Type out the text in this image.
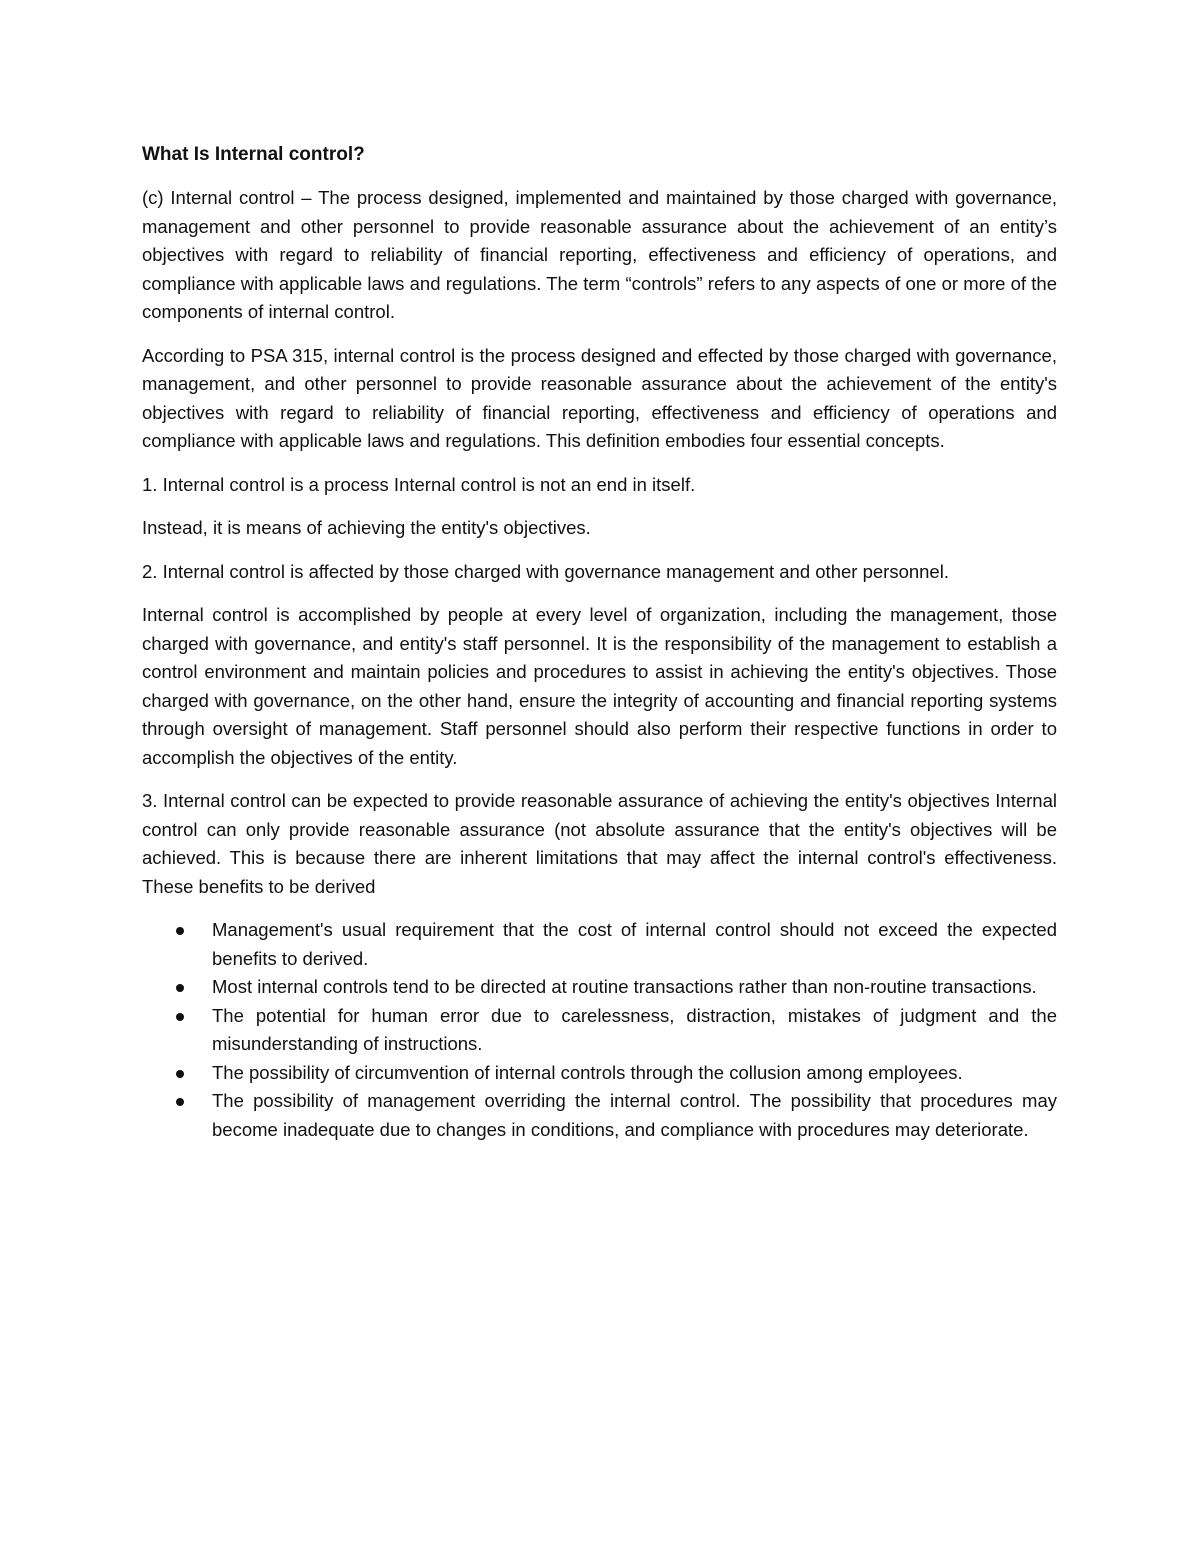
What Is Internal control?

(c) Internal control – The process designed, implemented and maintained by those charged with governance, management and other personnel to provide reasonable assurance about the achievement of an entity’s objectives with regard to reliability of financial reporting, effectiveness and efficiency of operations, and compliance with applicable laws and regulations. The term “controls” refers to any aspects of one or more of the components of internal control.

According to PSA 315, internal control is the process designed and effected by those charged with governance, management, and other personnel to provide reasonable assurance about the achievement of the entity's objectives with regard to reliability of financial reporting, effectiveness and efficiency of operations and compliance with applicable laws and regulations. This definition embodies four essential concepts.

1. Internal control is a process Internal control is not an end in itself.

Instead, it is means of achieving the entity's objectives.

2. Internal control is affected by those charged with governance management and other personnel.

Internal control is accomplished by people at every level of organization, including the management, those charged with governance, and entity's staff personnel. It is the responsibility of the management to establish a control environment and maintain policies and procedures to assist in achieving the entity's objectives. Those charged with governance, on the other hand, ensure the integrity of accounting and financial reporting systems through oversight of management. Staff personnel should also perform their respective functions in order to accomplish the objectives of the entity.

3. Internal control can be expected to provide reasonable assurance of achieving the entity's objectives Internal control can only provide reasonable assurance (not absolute assurance that the entity's objectives will be achieved. This is because there are inherent limitations that may affect the internal control's effectiveness. These benefits to be derived

Management's usual requirement that the cost of internal control should not exceed the expected benefits to derived.
Most internal controls tend to be directed at routine transactions rather than non-routine transactions.
The potential for human error due to carelessness, distraction, mistakes of judgment and the misunderstanding of instructions.
The possibility of circumvention of internal controls through the collusion among employees.
The possibility of management overriding the internal control. The possibility that procedures may become inadequate due to changes in conditions, and compliance with procedures may deteriorate.
